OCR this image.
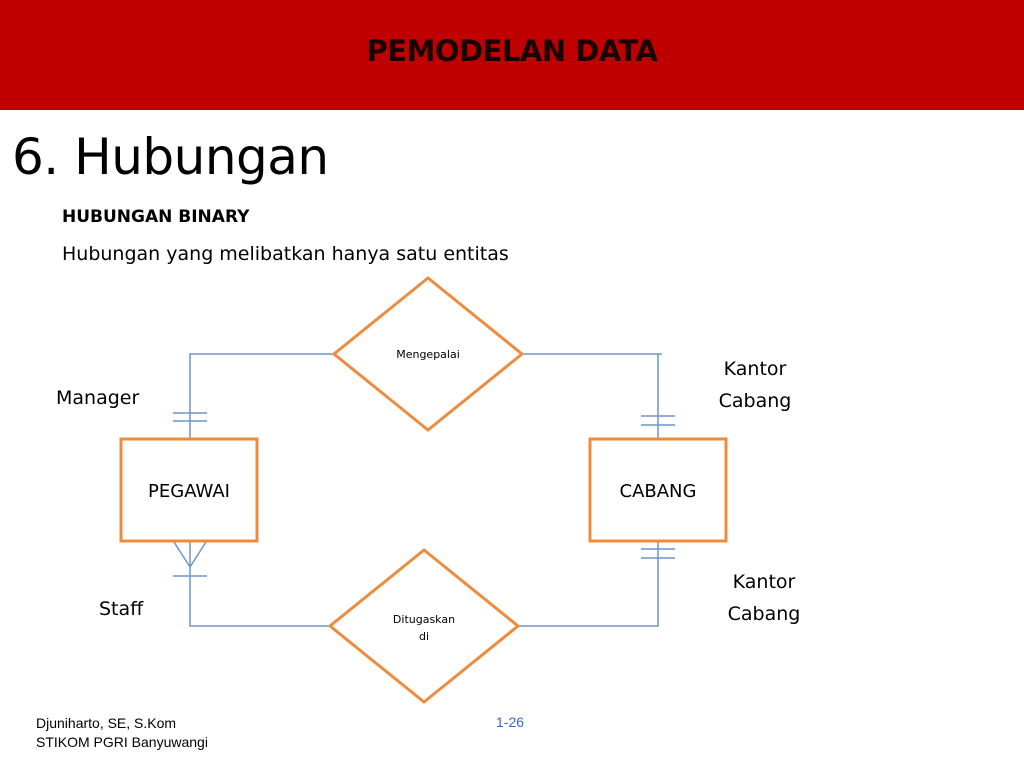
PEMODELAN DATA
6. Hubungan
HUBUNGAN BINARY
Hubungan yang melibatkan hanya satu entitas
Mengepalai
Ditugaskan
di
PEGAWAI	CABANG
Manager
Kantor
Cabang
Staff
Kantor
Cabang
Djuniharto, SE, S.Kom
STIKOM PGRI Banyuwangi
1-26
